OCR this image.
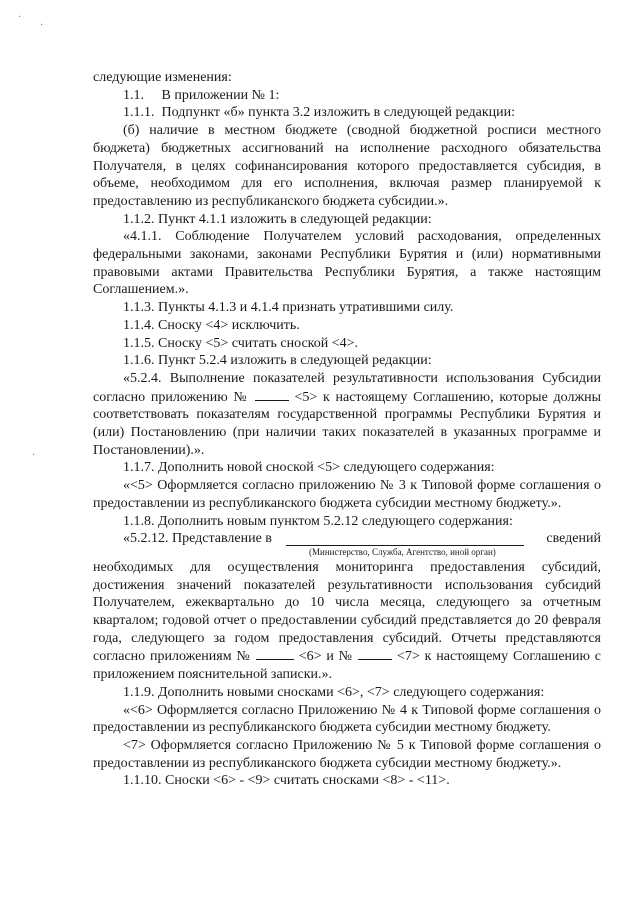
·
·
·

следующие изменения:

1.1.     В приложении № 1:

1.1.1.  Подпункт «б» пункта 3.2 изложить в следующей редакции:

(б) наличие в местном бюджете (сводной бюджетной росписи местного бюджета) бюджетных ассигнований на исполнение расходного обязательства Получателя, в целях софинансирования которого предоставляется субсидия, в объеме, необходимом для его исполнения, включая размер планируемой к предоставлению из республиканского бюджета субсидии.».

1.1.2. Пункт 4.1.1 изложить в следующей редакции:

«4.1.1. Соблюдение Получателем условий расходования, определенных федеральными законами, законами Республики Бурятия и (или) нормативными правовыми актами Правительства Республики Бурятия, а также настоящим Соглашением.».

1.1.3. Пункты 4.1.3 и 4.1.4 признать утратившими силу.

1.1.4. Сноску <4> исключить.

1.1.5. Сноску <5> считать сноской <4>.

1.1.6. Пункт 5.2.4 изложить в следующей редакции:

«5.2.4. Выполнение показателей результативности использования Субсидии согласно приложению №	<5> к настоящему Соглашению, которые должны соответствовать показателям государственной программы Республики Бурятия и (или) Постановлению (при наличии таких показателей в указанных программе и Постановлении).».

1.1.7. Дополнить новой сноской <5> следующего содержания:

«<5> Оформляется согласно приложению № 3 к Типовой форме соглашения о предоставлении из республиканского бюджета субсидии местному бюджету.».

1.1.8. Дополнить новым пунктом 5.2.12 следующего содержания:

«5.2.12. Представление в	сведений
(Министерство, Служба, Агентство, иной орган)

необходимых для осуществления мониторинга предоставления субсидий, достижения значений показателей результативности использования субсидий Получателем, ежеквартально до 10 числа месяца, следующего за отчетным кварталом; годовой отчет о предоставлении субсидий представляется до 20 февраля года, следующего за годом предоставления субсидий. Отчеты представляются согласно приложениям №	<6> и №	<7> к настоящему Соглашению с приложением пояснительной записки.».

1.1.9. Дополнить новыми сносками <6>, <7> следующего содержания:

«<6> Оформляется согласно Приложению № 4 к Типовой форме соглашения о предоставлении из республиканского бюджета субсидии местному бюджету.

<7> Оформляется согласно Приложению № 5 к Типовой форме соглашения о предоставлении из республиканского бюджета субсидии местному бюджету.».

1.1.10. Сноски <6> - <9> считать сносками <8> - <11>.
